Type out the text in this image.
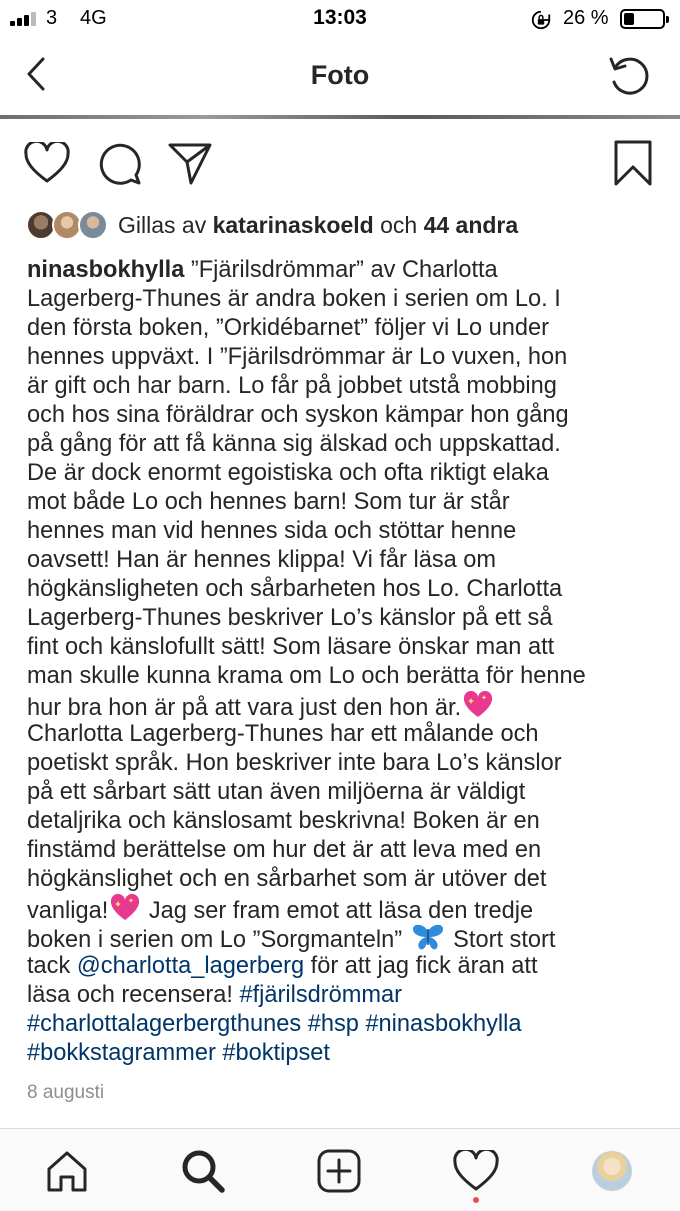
3 4G	13:03	26 %
Foto
Gillas av katarinaskoeld och 44 andra
ninasbokhylla ”Fjärilsdrömmar” av Charlotta
Lagerberg-Thunes är andra boken i serien om Lo. I
den första boken, ”Orkidébarnet” följer vi Lo under
hennes uppväxt. I ”Fjärilsdrömmar är Lo vuxen, hon
är gift och har barn. Lo får på jobbet utstå mobbing
och hos sina föräldrar och syskon kämpar hon gång
på gång för att få känna sig älskad och uppskattad.
De är dock enormt egoistiska och ofta riktigt elaka
mot både Lo och hennes barn! Som tur är står
hennes man vid hennes sida och stöttar henne
oavsett! Han är hennes klippa! Vi får läsa om
högkänsligheten och sårbarheten hos Lo. Charlotta
Lagerberg-Thunes beskriver Lo’s känslor på ett så
fint och känslofullt sätt! Som läsare önskar man att
man skulle kunna krama om Lo och berätta för henne
hur bra hon är på att vara just den hon är.
Charlotta Lagerberg-Thunes har ett målande och
poetiskt språk. Hon beskriver inte bara Lo’s känslor
på ett sårbart sätt utan även miljöerna är väldigt
detaljrika och känslosamt beskrivna! Boken är en
finstämd berättelse om hur det är att leva med en
högkänslighet och en sårbarhet som är utöver det
vanliga! Jag ser fram emot att läsa den tredje
boken i serien om Lo ”Sorgmanteln”  Stort stort
tack @charlotta_lagerberg för att jag fick äran att
läsa och recensera! #fjärilsdrömmar
#charlottalagerbergthunes #hsp #ninasbokhylla
#bokkstagrammer #boktipset
8 augusti
